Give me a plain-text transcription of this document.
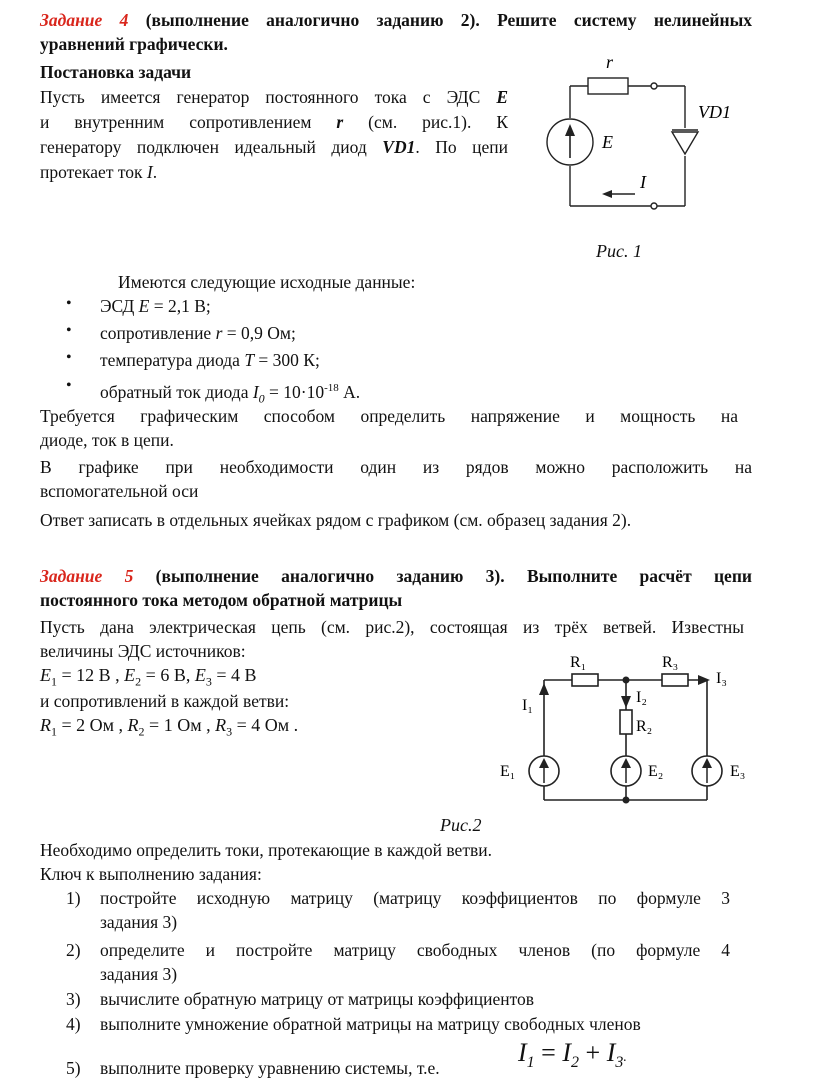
Задание 4 (выполнение аналогично заданию 2). Решите систему нелинейных
уравнений графически.
Постановка задачи
Пусть имеется генератор постоянного тока с ЭДС E
и внутренним сопротивлением r (см. рис.1). К
генератору подключен идеальный диод VD1. По цепи
протекает ток I.
r
E
VD1
I
Рис. 1
Имеются следующие исходные данные:
• ЭСД E = 2,1 В;
• сопротивление r = 0,9 Ом;
• температура диода T = 300 К;
• обратный ток диода $I_0 = 10\cdot 10^{-18}$ А.
Требуется графическим способом определить напряжение и мощность на
диоде, ток в цепи.
В графике при необходимости один из рядов можно расположить на
вспомогательной оси
Ответ записать в отдельных ячейках рядом с графиком (см. образец задания 2).
Задание 5 (выполнение аналогично заданию 3). Выполните расчёт цепи
постоянного тока методом обратной матрицы
Пусть дана электрическая цепь (см. рис.2), состоящая из трёх ветвей. Известны
величины ЭДС источников:
$E_1 = 12$ В , $E_2 = 6$ В, $E_3 = 4$ В
и сопротивлений в каждой ветви:
$R_1 = 2$ Ом , $R_2 = 1$ Ом , $R_3 = 4$ Ом .
R₁	R₃
I₃
I₁	I₂
R₂
E₁	E₂	E₃
Рис.2
Необходимо определить токи, протекающие в каждой ветви.
Ключ к выполнению задания:
1) постройте исходную матрицу (матрицу коэффициентов по формуле 3
задания 3)
2) определите и постройте матрицу свободных членов (по формуле 4
задания 3)
3) вычислите обратную матрицу от матрицы коэффициентов
4) выполните умножение обратной матрицы на матрицу свободных членов
5) выполните проверку уравнению системы, т.е.
$I_1 = I_2 + I_3$.
